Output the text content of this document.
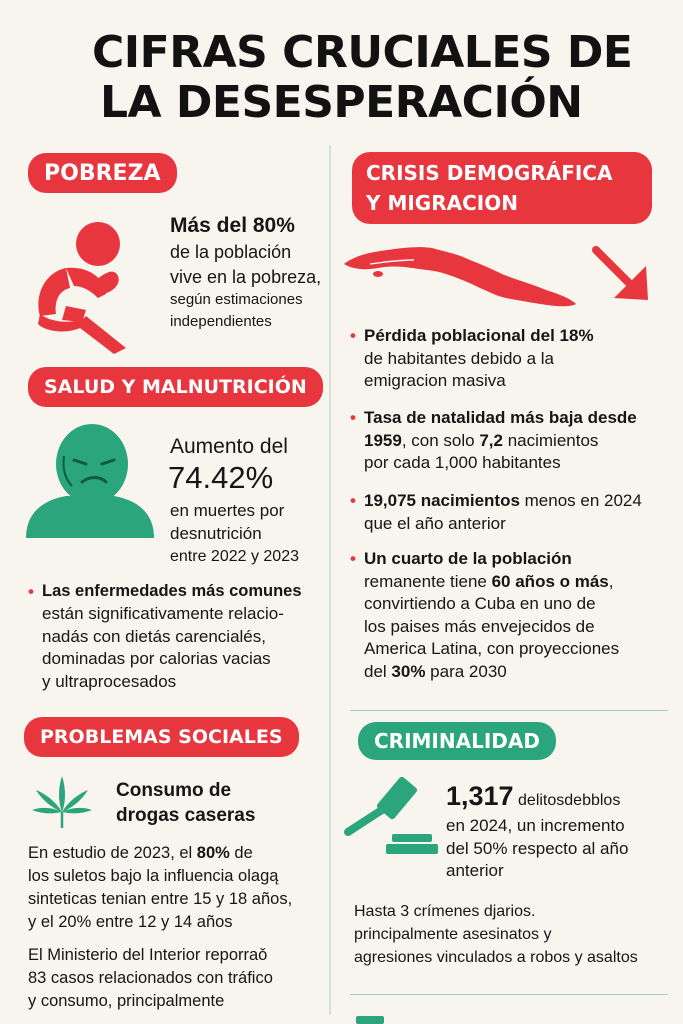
CIFRAS CRUCIALES DE
LA DESESPERACIÓN
POBREZA
Más del 80%
de la población
vive en la pobreza,
según estimaciones
independientes
SALUD Y MALNUTRICIÓN
Aumento del
74.42%
en muertes por
desnutrición
entre 2022 y 2023
• Las enfermedades más comunes
están significativamente relacio-
nadás con dietás carencialés,
dominadas por calorias vacias
y ultraprocesados
PROBLEMAS SOCIALES
Consumo de
drogas caseras
En estudio de 2023, el 80% de
los suletos bajo la influencia olagą
sinteticas tenian entre 15 y 18 años,
y el 20% entre 12 y 14 años
El Ministerio del Interior reporraǒ
83 casos relacionados con tráfico
y consumo, principalmente
CRISIS DEMOGRÁFICA
Y MIGRACION
• Pérdida poblacional del 18%
de habitantes debido a la
emigracion masiva
• Tasa de natalidad más baja desde
1959, con solo 7,2 nacimientos
por cada 1,000 habitantes
• 19,075 nacimientos menos en 2024
que el año anterior
• Un cuarto de la población
remanente tiene 60 años o más,
convirtiendo a Cuba en uno de
los paises más envejecidos de
America Latina, con proyecciones
del 30% para 2030
CRIMINALIDAD
1,317 delitosdebblos
en 2024, un incremento
del 50% respecto al año
anterior
Hasta 3 crímenes djarios.
principalmente asesinatos y
agresiones vinculados a robos y asaltos
